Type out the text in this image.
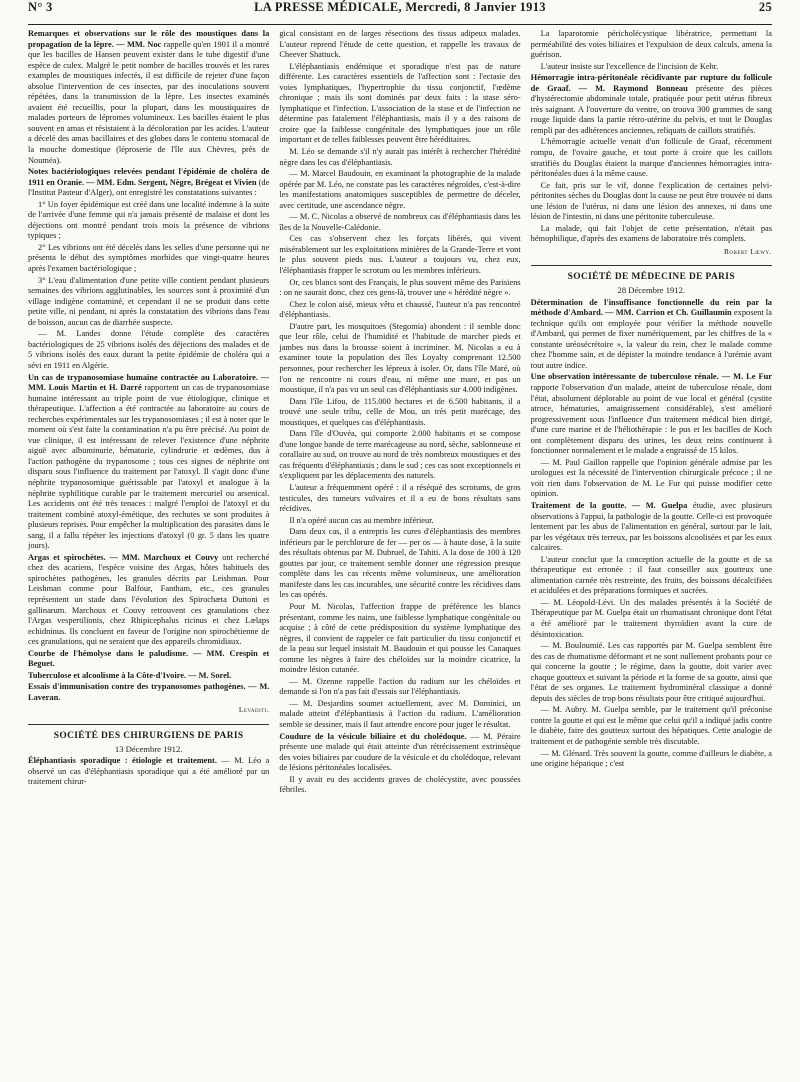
N° 3	LA PRESSE MÉDICALE, Mercredi, 8 Janvier 1913	25

Remarques et observations sur le rôle des moustiques dans la propagation de la lèpre. — MM. Noc rappelle qu'en 1901 il a montré que les bacilles de Hansen peuvent exister dans le tube digestif d'une espèce de culex. Malgré le petit nombre de bacilles trouvés et les rares examples de moustiques infectés, il est difficile de rejeter d'une façon absolue l'intervention de ces insectes, par des inoculations souvent répétées, dans la transmission de la lèpre. Les insectes examinés avaient été recueillis, pour la plupart, dans les moustiquaires de malades porteurs de lépromes volumineux. Les bacilles étaient le plus souvent en amas et résistaient à la décoloration par les acides. L'auteur a décelé des amas bacillaires et des globes dans le contenu stomacal de la mouche domestique (léproserie de l'île aux Chèvres, près de Nouméa).

Notes bactériologiques relevées pendant l'épidémie de choléra de 1911 en Oranie. — MM. Edm. Sergent, Nègre, Brégeat et Vivien (de l'Institut Pasteur d'Alger), ont enregistré les constatations suivantes :

1° Un foyer épidémique est créé dans une localité indemne à la suite de l'arrivée d'une femme qui n'a jamais présenté de malaise et dont les déjections ont montré pendant trois mois la présence de vibrions typiques ;

2° Les vibrions ont été décelés dans les selles d'une personne qui ne présenta le début des symptômes morbides que vingt-quatre heures après l'examen bactériologique ;

3° L'eau d'alimentation d'une petite ville contient pendant plusieurs semaines des vibrions agglutinables, les sources sont à proximité d'un village indigène contaminé, et cependant il ne se produit dans cette petite ville, ni pendant, ni après la constatation des vibrions dans l'eau de boisson, aucun cas de diarrhée suspecte.

— M. Landes donne l'étude complète des caractères bactériologiques de 25 vibrions isolés des déjections des malades et de 5 vibrions isolés des eaux durant la petite épidémie de choléra qui a sévi en 1911 en Algérie.

Un cas de trypanosomiase humaine contractée au Laboratoire. — MM. Louis Martin et H. Darré rapportent un cas de trypanosomiase humaine intéressant au triple point de vue étiologique, clinique et thérapeutique. L'affection a été contractée au laboratoire au cours de recherches expérimentales sur les trypanosomiases ; il est à noter que le moment où s'est faite la contamination n'a pu être précisé. Au point de vue clinique, il est intéressant de relever l'existence d'une néphrite aiguë avec albuminurie, hématurie, cylindrurie et œdèmes, dus à l'action pathogène du trypanosome ; tous ces signes de néphrite ont disparu sous l'influence du traitement par l'atoxyl. Il s'agit donc d'une néphrite trypanosomique guérissable par l'atoxyl et analogue à la néphrite syphilitique curable par le traitement mercuriel ou arsenical. Les accidents ont été très tenaces : malgré l'emploi de l'atoxyl et du traitement combiné atoxyl-émétique, des rechutes se sont produites à plusieurs reprises. Pour empêcher la multiplication des parasites dans le sang, il a fallu répéter les injections d'atoxyl (0 gr. 5 dans les quatre jours).

Argas et spirochètes. — MM. Marchoux et Couvy ont recherché chez des acariens, l'espèce voisine des Argas, hôtes habituels des spirochètes pathogènes, les granules décrits par Leishman. Pour Leishman comme pour Balfour, Fantham, etc., ces granules représentent un stade dans l'évolution des Spirochæta Duttoni et gallinarum. Marchoux et Couvy retrouvent ces granulations chez l'Argas vespertilionis, chez Rhipicephalus ricinus et chez Lælaps echidninus. Ils concluent en faveur de l'origine non spirochétienne de ces granulations, qui ne seraient que des appareils chromidiaux.

Courbe de l'hémolyse dans le paludisme. — MM. Crespin et Beguet.

Tuberculose et alcoolisme à la Côte-d'Ivoire. — M. Sorel.

Essais d'immunisation contre des trypanosomes pathogènes. — M. Laveran.

Levaditi.
SOCIÉTÉ DES CHIRURGIENS DE PARIS
13 Décembre 1912.

Éléphantiasis sporadique : étiologie et traitement. — M. Léo a observé un cas d'éléphantiasis sporadique qui a été amélioré par un traitement chirur-

gical consistant en de larges résections des tissus adipeux malades. L'auteur reprend l'étude de cette question, et rappelle les travaux de Cheever Shattuck.

L'éléphantiasis endémique et sporadique n'est pas de nature différente. Les caractères essentiels de l'affection sont : l'ectasie des voies lymphatiques, l'hypertrophie du tissu conjonctif, l'œdème chronique ; mais ils sont dominés par deux faits : la stase séro-lymphatique et l'infection. L'association de la stase et de l'infection ne détermine pas fatalement l'éléphantiasis, mais il y a des raisons de croire que la faiblesse congénitale des lymphatiques joue un rôle important et de telles faiblesses peuvent être héréditaires.

M. Léo se demande s'il n'y aurait pas intérêt à rechercher l'hérédité nègre dans les cas d'éléphantiasis.

— M. Marcel Baudouin, en examinant la photographie de la malade opérée par M. Léo, ne constate pas les caractères négroïdes, c'est-à-dire les manifestations anatomiques susceptibles de permettre de déceler, avec certitude, une ascendance nègre.

— M. C. Nicolas a observé de nombreux cas d'éléphantiasis dans les îles de la Nouvelle-Calédonie.

Ces cas s'observent chez les forçats libérés, qui vivent misérablement sur les exploitations minières de la Grande-Terre et vont le plus souvent pieds nus. L'auteur a toujours vu, chez eux, l'éléphantiasis frapper le scrotum ou les membres inférieurs.

Or, ces blancs sont des Français, le plus souvent même des Parisiens : on ne saurait donc, chez ces gens-là, trouver une « hérédité nègre ».

Chez le colon aisé, mieux vêtu et chaussé, l'auteur n'a pas rencontré d'éléphantiasis.

D'autre part, les mosquitoes (Stegomia) abondent : il semble donc que leur rôle, celui de l'humidité et l'habitude de marcher pieds et jambes nus dans la brousse soient à incriminer. M. Nicolas a eu à examiner toute la population des îles Loyalty comprenant 12.500 personnes, pour rechercher les lépreux à isoler. Or, dans l'île Maré, où l'on ne rencontre ni cours d'eau, ni même une mare, et pas un moustique, il n'a pas vu un seul cas d'éléphantiasis sur 4.000 indigènes.

Dans l'île Lifou, de 115.000 hectares et de 6.500 habitants, il a trouvé une seule tribu, celle de Mou, un très petit marécage, des moustiques, et quelques cas d'éléphantiasis.

Dans l'île d'Ouvéa, qui comporte 2.000 habitants et se compose d'une longue bande de terre marécageuse au nord, sèche, sablonneuse et corallaire au sud, on trouve au nord de très nombreux moustiques et des cas fréquents d'éléphantiasis ; dans le sud ; ces cas sont exceptionnels et s'expliquent par les déplacements des naturels.

L'auteur a fréquemment opéré : il a réséqué des scrotums, de gros testicules, des tumeurs vulvaires et il a eu de bons résultats sans récidives.

Il n'a opéré aucun cas au membre inférieur.

Dans deux cas, il a entrepris les cures d'éléphantiasis des membres inférieurs par le perchlorure de fer — per os — à haute dose, à la suite des résultats obtenus par M. Dubruel, de Tahiti. A la dose de 100 à 120 gouttes par jour, ce traitement semble donner une régression presque complète dans les cas récents même volumineux, une amélioration manifeste dans les cas incurables, une sécurité contre les récidives dans les cas opérés.

Pour M. Nicolas, l'affection frappe de préférence les blancs présentant, comme les nains, une faiblesse lymphatique congénitale ou acquise ; à côté de cette prédisposition du système lymphatique des nègres, il convient de rappeler ce fait particulier du tissu conjonctif et de la peau sur lequel insistait M. Baudouin et qui pousse les Canaques comme les nègres à faire des chéloïdes sur la moindre cicatrice, la moindre lésion cutanée.

— M. Ozenne rappelle l'action du radium sur les chéloïdes et demande si l'on n'a pas fait d'essais sur l'éléphantiasis.

— M. Desjardins soumet actuellement, avec M. Dominici, un malade atteint d'éléphantiasis à l'action du radium. L'amélioration semble se dessiner, mais il faut attendre encore pour juger le résultat.

Coudure de la vésicule biliaire et du cholédoque. — M. Péraire présente une malade qui était atteinte d'un rétrécissement extrinsèque des voies biliaires par coudure de la vésicule et du cholédoque, relevant de lésions péritonéales localisées.

Il y avait eu des accidents graves de cholécystite, avec poussées fébriles.

La laparotomie péricholécystique libératrice, permettant la perméabilité des voies biliaires et l'expulsion de deux calculs, amena la guérison.

L'auteur insiste sur l'excellence de l'incision de Kehr.

Hémorragie intra-péritonéale récidivante par rupture du follicule de Graaf. — M. Raymond Bonneau présente des pièces d'hystérectomie abdominale totale, pratiquée pour petit utérus fibreux très saignant. A l'ouverture du ventre, on trouva 300 grammes de sang rouge liquide dans la partie rétro-utérine du pelvis, et tout le Douglas rempli par des adhérences anciennes, reliquats de caillots stratifiés.

L'hémorragie actuelle venait d'un follicule de Graaf, récemment rompu, de l'ovaire gauche, et tout porte à croire que les caillots stratifiés du Douglas étaient la marque d'anciennes hémorragies intra-péritonéales dues à la même cause.

Ce fait, pris sur le vif, donne l'explication de certaines pelvi-péritonites sèches du Douglas dont la cause ne peut être trouvée ni dans une lésion de l'utérus, ni dans une lésion des annexes, ni dans une lésion de l'intestin, ni dans une péritonite tuberculeuse.

La malade, qui fait l'objet de cette présentation, n'était pas hémophilique, d'après des examens de laboratoire très complets.

Robert Lœwy.
SOCIÉTÉ DE MÉDECINE DE PARIS
28 Décembre 1912.

Détermination de l'insuffisance fonctionnelle du rein par la méthode d'Ambard. — MM. Carrion et Ch. Guillaumin exposent la technique qu'ils ont employée pour vérifier la méthode nouvelle d'Ambard, qui permet de fixer numériquement, par les chiffres de la « constante uréosécrétoire », la valeur du rein, chez le malade comme chez l'homme sain, et de dépister la moindre tendance à l'urémie avant tout autre indice.

Une observation intéressante de tuberculose rénale. — M. Le Fur rapporte l'observation d'un malade, atteint de tuberculose rénale, dont l'état, absolument déplorable au point de vue local et général (cystite atroce, hématuries, amaigrissement considérable), s'est amélioré progressivement sous l'influence d'un traitement médical bien dirigé, d'une cure marine et de l'héliothérapie : le pus et les bacilles de Koch ont complètement disparu des urines, les deux reins continuent à fonctionner normalement et le malade a engraissé de 15 kilos.

— M. Paul Gaillon rappelle que l'opinion générale admise par les urologues est la nécessité de l'intervention chirurgicale précoce ; il ne voit rien dans l'observation de M. Le Fur qui puisse modifier cette opinion.

Traitement de la goutte. — M. Guelpa étudie, avec plusieurs observations à l'appui, la pathologie de la goutte. Celle-ci est provoquée lentement par les abus de l'alimentation en général, surtout par le lait, par les végétaux très terreux, par les boissons alcoolisées et par les eaux calcaires.

L'auteur conclut que la conception actuelle de la goutte et de sa thérapeutique est erronée : il faut conseiller aux goutteux une alimentation carnée très restreinte, des fruits, des boissons décalcifiées et acidulées et des préparations formiques et sucrées.

— M. Léopold-Lévi. Un des malades présentés à la Société de Thérapeutique par M. Guelpa était un rhumatisant chronique dont l'état a été amélioré par le traitement thyroïdien avant la cure de désintoxication.

— M. Bouloumié. Les cas rapportés par M. Guelpa semblent être des cas de rhumatisme déformant et ne sont nullement probants pour ce qui concerne la goutte ; le régime, dans la goutte, doit varier avec chaque goutteux et suivant la période et la forme de sa goutte, ainsi que l'état de ses organes. Le traitement hydrominéral classique a donné depuis des siècles de trop bons résultats pour être critiqué aujourd'hui.

— M. Aubry. M. Guelpa semble, par le traitement qu'il préconise contre la goutte et qui est le même que celui qu'il a indiqué jadis contre le diabète, faire des goutteux surtout des hépatiques. Cette analogie de traitement et de pathogénie semble très discutable.

— M. Glénard. Très souvent la goutte, comme d'ailleurs le diabète, a une origine hépatique ; c'est
